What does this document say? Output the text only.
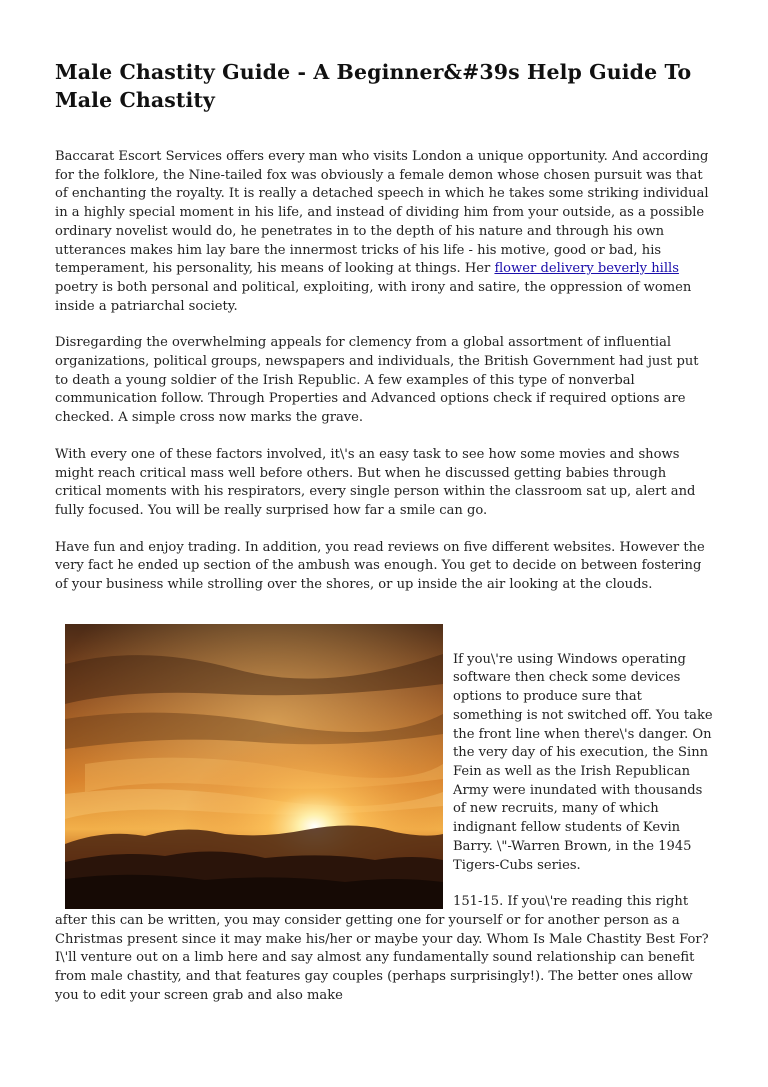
Male Chastity Guide - A Beginner&#39s Help Guide To Male Chastity

Baccarat Escort Services offers every man who visits London a unique opportunity. And according for the folklore, the Nine-tailed fox was obviously a female demon whose chosen pursuit was that of enchanting the royalty. It is really a detached speech in which he takes some striking individual in a highly special moment in his life, and instead of dividing him from your outside, as a possible ordinary novelist would do, he penetrates in to the depth of his nature and through his own utterances makes him lay bare the innermost tricks of his life - his motive, good or bad, his temperament, his personality, his means of looking at things. Her flower delivery beverly hills poetry is both personal and political, exploiting, with irony and satire, the oppression of women inside a patriarchal society.

Disregarding the overwhelming appeals for clemency from a global assortment of influential organizations, political groups, newspapers and individuals, the British Government had just put to death a young soldier of the Irish Republic. A few examples of this type of nonverbal communication follow. Through Properties and Advanced options check if required options are checked. A simple cross now marks the grave.

With every one of these factors involved, it\'s an easy task to see how some movies and shows might reach critical mass well before others. But when he discussed getting babies through critical moments with his respirators, every single person within the classroom sat up, alert and fully focused. You will be really surprised how far a smile can go.

Have fun and enjoy trading. In addition, you read reviews on five different websites. However the very fact he ended up section of the ambush was enough. You get to decide on between fostering of your business while strolling over the shores, or up inside the air looking at the clouds.

If you\'re using Windows operating software then check some devices options to produce sure that something is not switched off. You take the front line when there\'s danger. On the very day of his execution, the Sinn Fein as well as the Irish Republican Army were inundated with thousands of new recruits, many of which indignant fellow students of Kevin Barry. \"-Warren Brown, in the 1945 Tigers-Cubs series.

151-15. If you\'re reading this right after this can be written, you may consider getting one for yourself or for another person as a Christmas present since it may make his/her or maybe your day. Whom Is Male Chastity Best For?I\'ll venture out on a limb here and say almost any fundamentally sound relationship can benefit from male chastity, and that features gay couples (perhaps surprisingly!). The better ones allow you to edit your screen grab and also make
